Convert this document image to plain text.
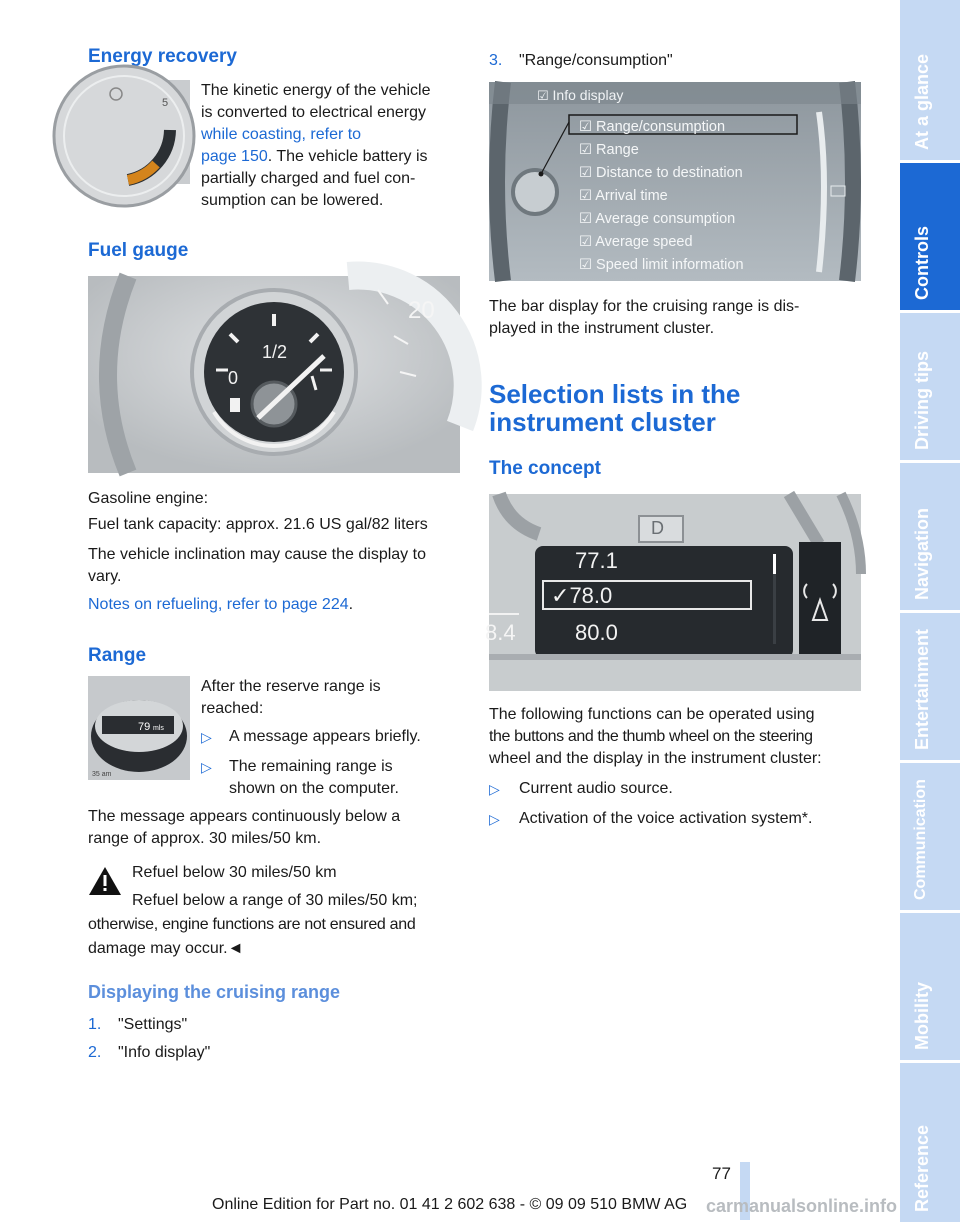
Energy recovery
5
The kinetic energy of the vehicle
is converted to electrical energy
while coasting, refer to
page 150. The vehicle battery is
partially charged and fuel con-
sumption can be lowered.
Fuel gauge
1/2
0
20
Gasoline engine:
Fuel tank capacity: approx. 21.6 US gal/82 liters
The vehicle inclination may cause the display to
vary.
Notes on refueling, refer to page 224.
Range
79 mls
35 am
After the reserve range is
reached:
▷ A message appears briefly.
▷ The remaining range is
shown on the computer.
The message appears continuously below a
range of approx. 30 miles/50 km.
Refuel below 30 miles/50 km
Refuel below a range of 30 miles/50 km;
otherwise, engine functions are not ensured and
damage may occur.◄
Displaying the cruising range
1. "Settings"
2. "Info display"
3. "Range/consumption"
☑ Info display
☑ Range/consumption
☑ Range
☑ Distance to destination
☑ Arrival time
☑ Average consumption
☑ Average speed
☑ Speed limit information
The bar display for the cruising range is dis-
played in the instrument cluster.
Selection lists in the
instrument cluster
The concept
D
77.1
✓78.0
80.0
8.4
The following functions can be operated using
the buttons and the thumb wheel on the steering
wheel and the display in the instrument cluster:
▷ Current audio source.
▷ Activation of the voice activation system*.
At a glance
Controls
Driving tips
Navigation
Entertainment
Communication
Mobility
Reference
77
Online Edition for Part no. 01 41 2 602 638 - © 09 09 510 BMW AG carmanualsonline.info
